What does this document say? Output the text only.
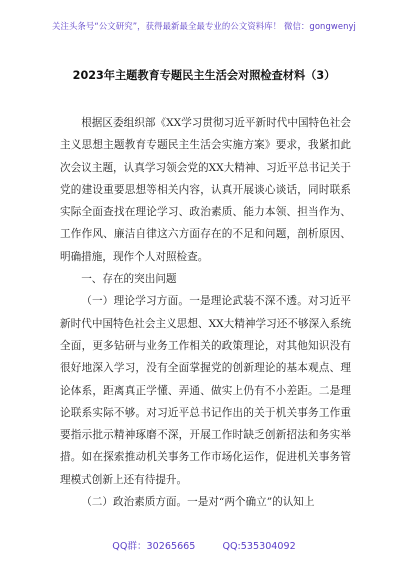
关注头条号“公文研究”，获得最新最全最专业的公文资料库！ 微信：gongwenyj
2023年主题教育专题民主生活会对照检查材料（3）

根据区委组织部《XX学习贯彻习近平新时代中国特色社会主义思想主题教育专题民主生活会实施方案》要求，我紧扣此次会议主题，认真学习领会党的XX大精神、习近平总书记关于党的建设重要思想等相关内容，认真开展谈心谈话，同时联系实际全面查找在理论学习、政治素质、能力本领、担当作为、工作作风、廉洁自律这六方面存在的不足和问题，剖析原因、明确措施，现作个人对照检查。

一、存在的突出问题

（一）理论学习方面。一是理论武装不深不透。对习近平新时代中国特色社会主义思想、XX大精神学习还不够深入系统全面，更多钻研与业务工作相关的政策理论，对其他知识没有很好地深入学习，没有全面掌握党的创新理论的基本观点、理论体系，距离真正学懂、弄通、做实上仍有不小差距。二是理论联系实际不够。对习近平总书记作出的关于机关事务工作重要指示批示精神琢磨不深，开展工作时缺乏创新招法和务实举措。如在探索推动机关事务工作市场化运作，促进机关事务管理模式创新上还有待提升。

（二）政治素质方面。一是对“两个确立”的认知上

QQ群：30265665	QQ:535304092
